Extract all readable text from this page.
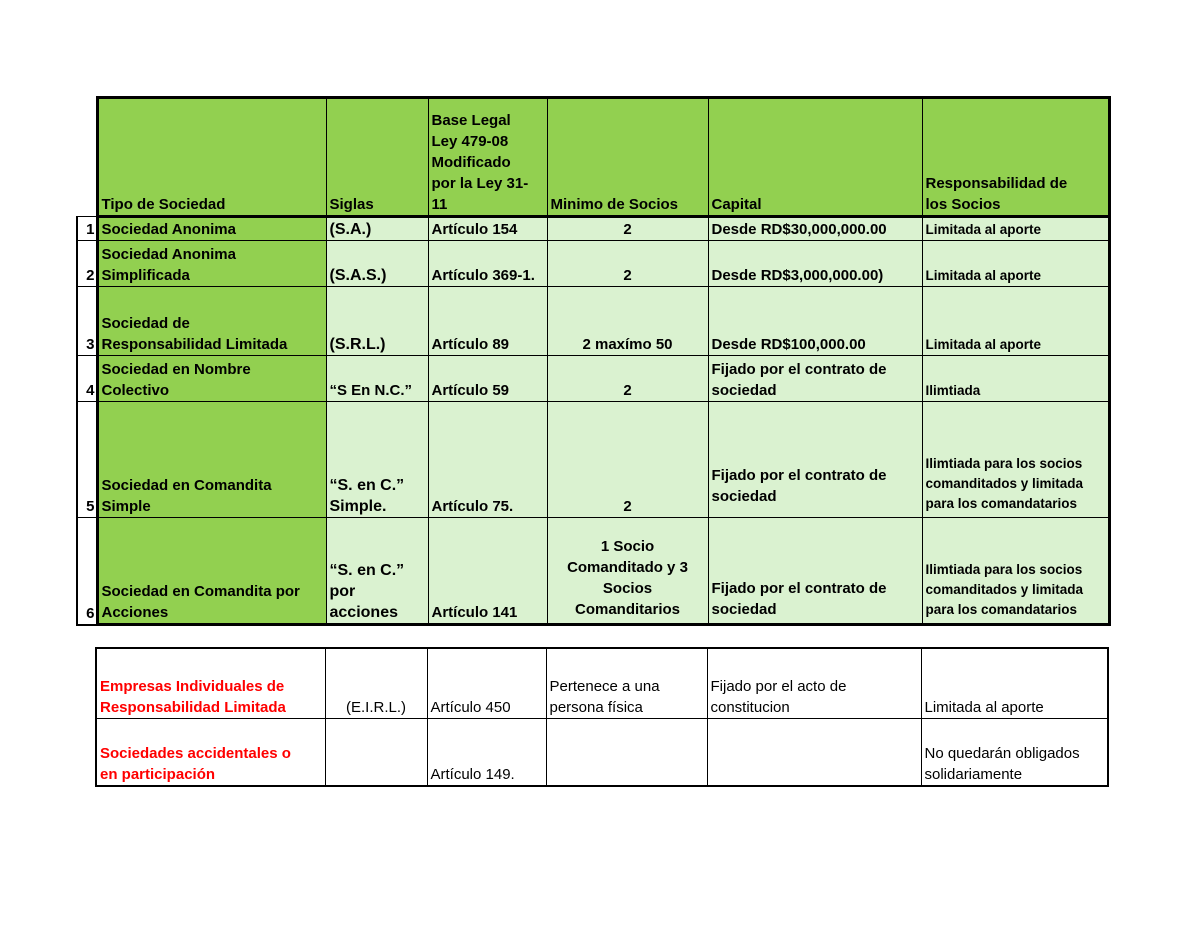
	Tipo de Sociedad	Siglas	Base Legal
Ley 479-08
Modificado
por la Ley 31-
11	Minimo de Socios	Capital	Responsabilidad de
los Socios

1	Sociedad Anonima	(S.A.)	Artículo 154	2	Desde RD$30,000,000.00	Limitada al aporte
2	Sociedad Anonima
Simplificada	(S.A.S.)	Artículo 369-1.	2	Desde RD$3,000,000.00)	Limitada al aporte
3	Sociedad de
Responsabilidad Limitada	(S.R.L.)	Artículo 89	2 maxímo 50	Desde RD$100,000.00	Limitada al aporte
4	Sociedad en Nombre
Colectivo	“S En N.C.”	Artículo 59	2	Fijado por el contrato de
sociedad	Ilimtiada
5	Sociedad en Comandita
Simple	“S. en C.”
Simple.	Artículo 75.	2	Fijado por el contrato de
sociedad	Ilimtiada para los socios
comanditados y limitada
para los comandatarios

6	Sociedad en Comandita por
Acciones	“S. en C.”
por
acciones	Artículo 141	1 Socio
Comanditado y 3
Socios
Comanditarios	Fijado por el contrato de
sociedad	Ilimtiada para los socios
comanditados y limitada
para los comandatarios
Empresas Individuales de
Responsabilidad Limitada	(E.I.R.L.)	Artículo 450	Pertenece a una
persona física	Fijado por el acto de
constitucion	Limitada al aporte

Sociedades accidentales o
en participación		Artículo 149.			No quedarán obligados
solidariamente
